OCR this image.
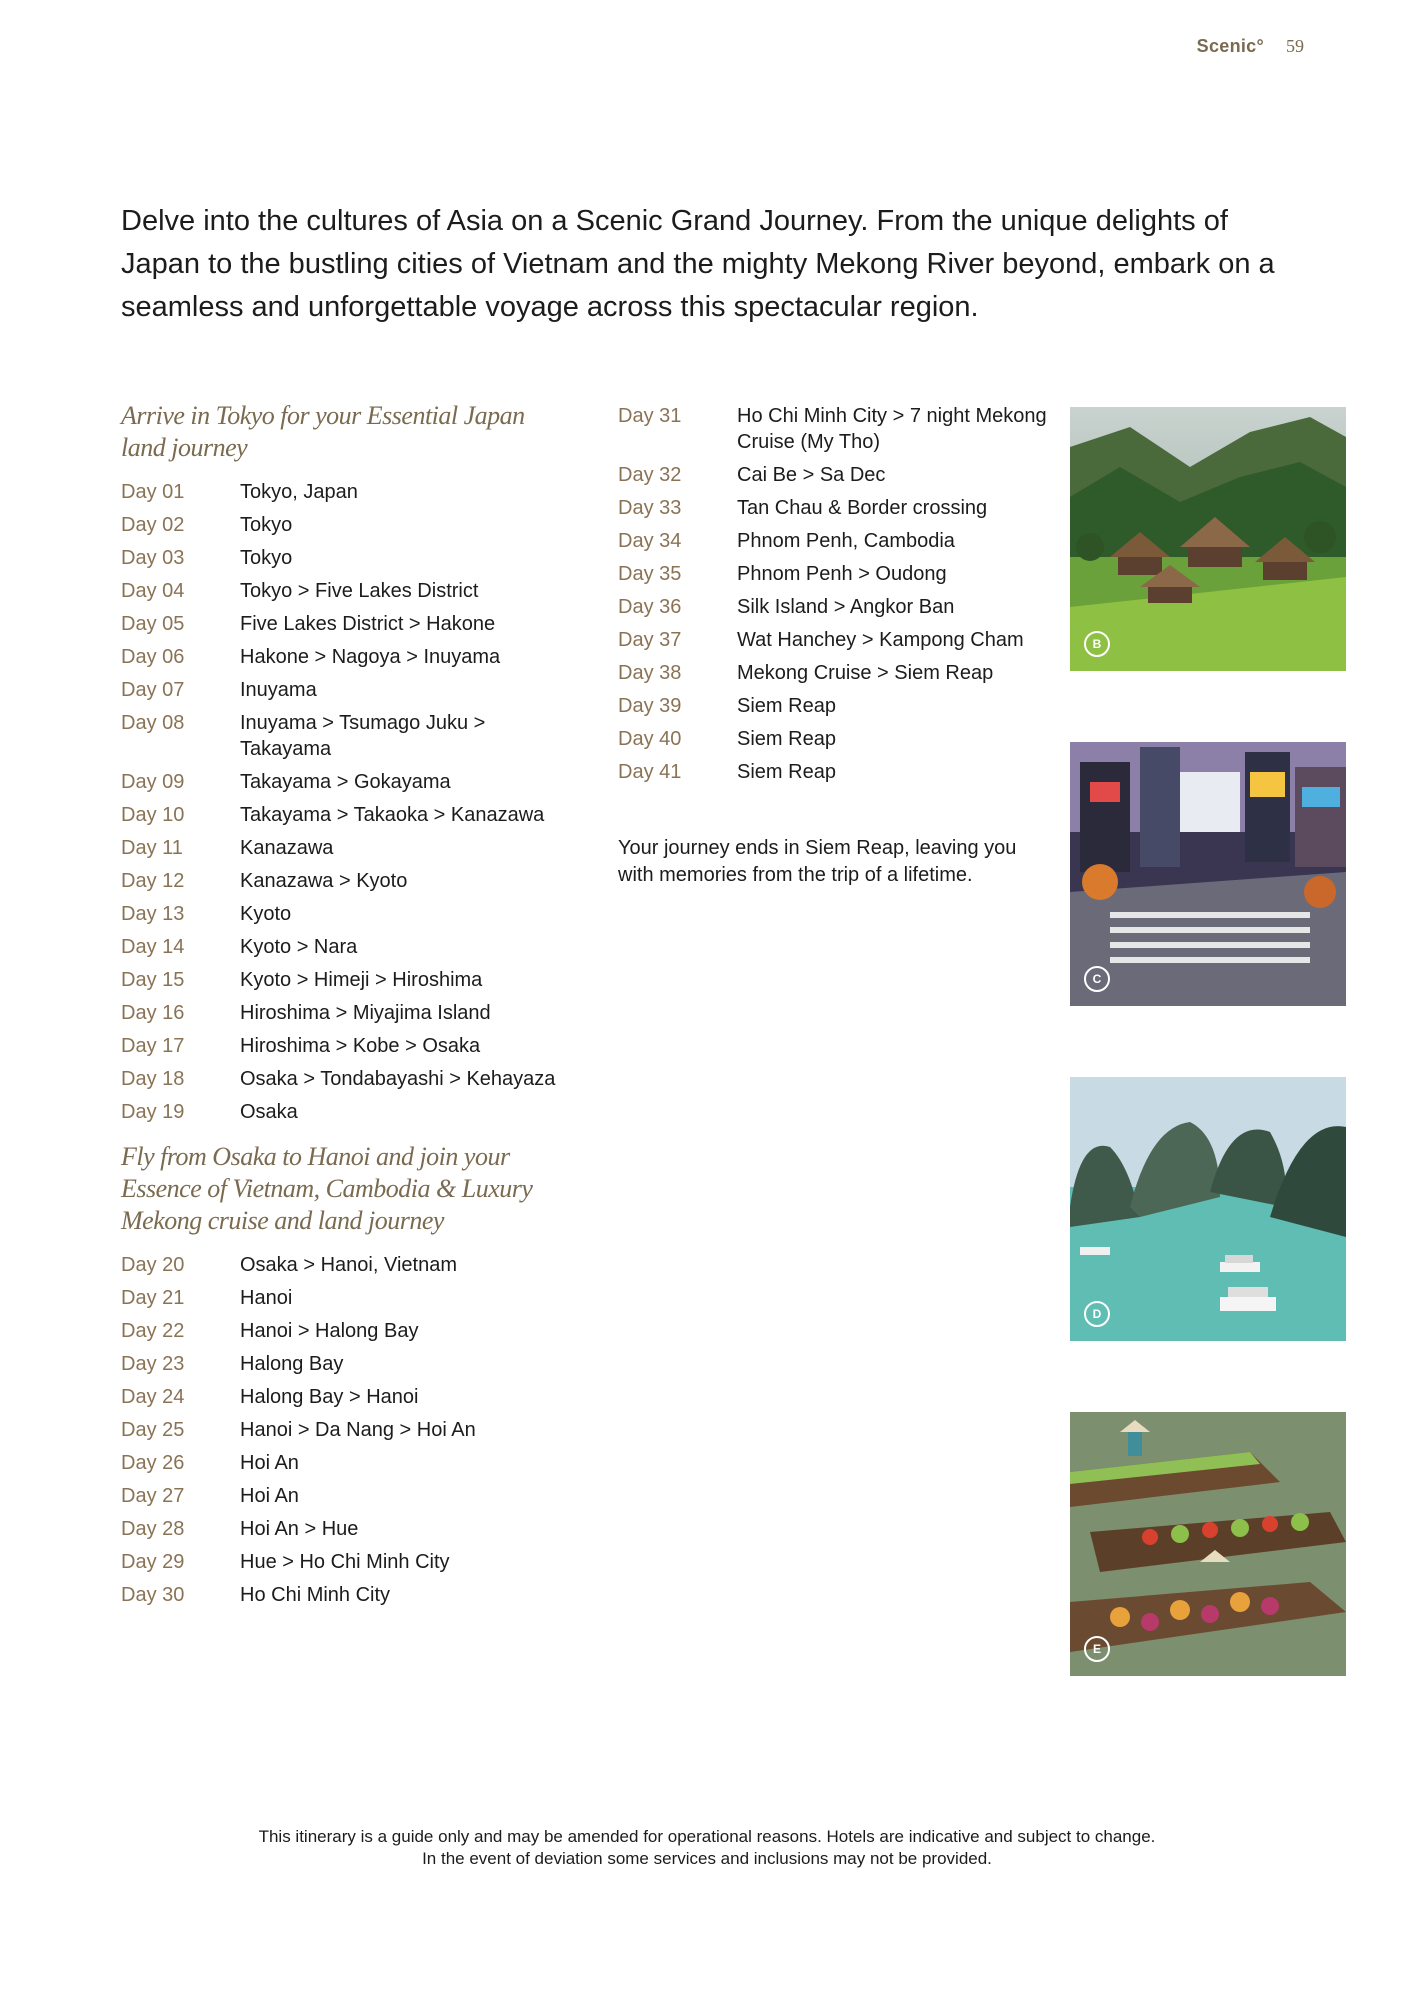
Scenic° 59
Delve into the cultures of Asia on a Scenic Grand Journey. From the unique delights of Japan to the bustling cities of Vietnam and the mighty Mekong River beyond, embark on a seamless and unforgettable voyage across this spectacular region.
Arrive in Tokyo for your Essential Japan land journey
Day 01	Tokyo, Japan
Day 02	Tokyo
Day 03	Tokyo
Day 04	Tokyo > Five Lakes District
Day 05	Five Lakes District > Hakone
Day 06	Hakone > Nagoya > Inuyama
Day 07	Inuyama
Day 08	Inuyama > Tsumago Juku > Takayama
Day 09	Takayama > Gokayama
Day 10	Takayama > Takaoka > Kanazawa
Day 11	Kanazawa
Day 12	Kanazawa > Kyoto
Day 13	Kyoto
Day 14	Kyoto > Nara
Day 15	Kyoto > Himeji > Hiroshima
Day 16	Hiroshima > Miyajima Island
Day 17	Hiroshima > Kobe > Osaka
Day 18	Osaka > Tondabayashi > Kehayaza
Day 19	Osaka
Fly from Osaka to Hanoi and join your Essence of Vietnam, Cambodia & Luxury Mekong cruise and land journey
Day 20	Osaka > Hanoi, Vietnam
Day 21	Hanoi
Day 22	Hanoi > Halong Bay
Day 23	Halong Bay
Day 24	Halong Bay > Hanoi
Day 25	Hanoi > Da Nang > Hoi An
Day 26	Hoi An
Day 27	Hoi An
Day 28	Hoi An > Hue
Day 29	Hue > Ho Chi Minh City
Day 30	Ho Chi Minh City
Day 31	Ho Chi Minh City > 7 night Mekong Cruise (My Tho)
Day 32	Cai Be > Sa Dec
Day 33	Tan Chau & Border crossing
Day 34	Phnom Penh, Cambodia
Day 35	Phnom Penh > Oudong
Day 36	Silk Island > Angkor Ban
Day 37	Wat Hanchey > Kampong Cham
Day 38	Mekong Cruise > Siem Reap
Day 39	Siem Reap
Day 40	Siem Reap
Day 41	Siem Reap
Your journey ends in Siem Reap, leaving you with memories from the trip of a lifetime.
B
C
D
E
This itinerary is a guide only and may be amended for operational reasons. Hotels are indicative and subject to change.
In the event of deviation some services and inclusions may not be provided.
